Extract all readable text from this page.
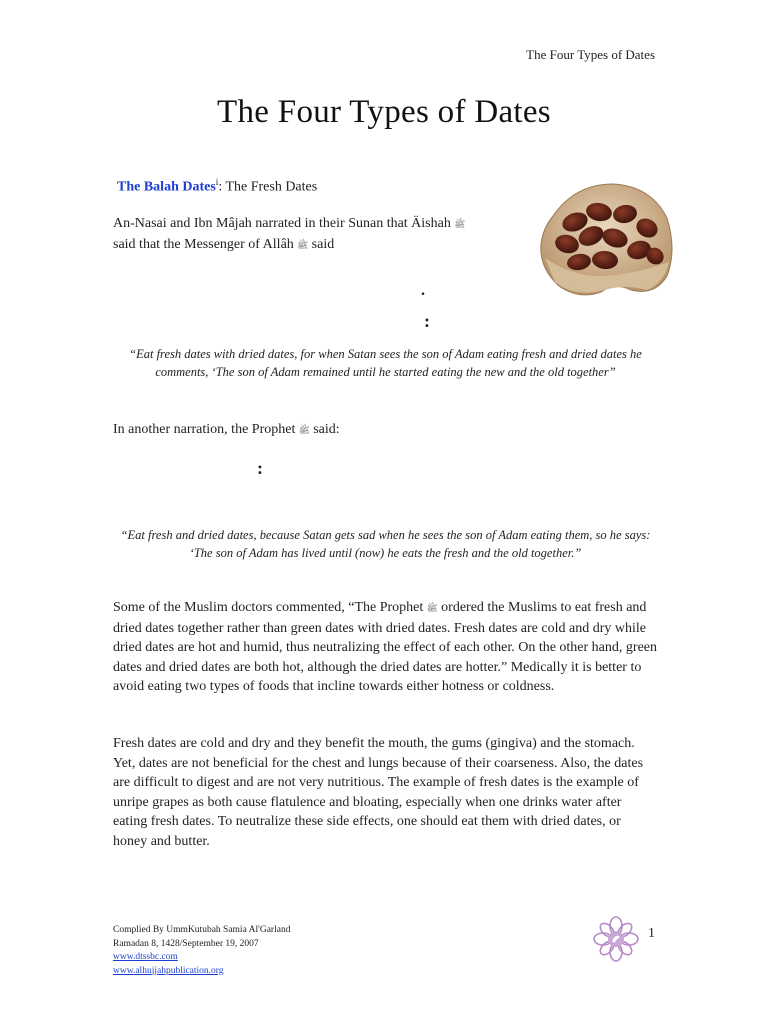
The Four Types of Dates
The Four Types of Dates
The Balah Dates$^i$: The Fresh Dates
An-Nasai and Ibn Mâjah narrated in their Sunan that Äishah ﷺ
said that the Messenger of Allâh ﷺ said
.
:
“Eat fresh dates with dried dates, for when Satan sees the son of Adam eating fresh and dried dates he comments, ‘The son of Adam remained until he started eating the new and the old together”
In another narration, the Prophet ﷺ said:
:
“Eat fresh and dried dates, because Satan gets sad when he sees the son of Adam eating them, so he says: ‘The son of Adam has lived until (now) he eats the fresh and the old together.”
Some of the Muslim doctors commented, “The Prophet ﷺ ordered the Muslims to eat fresh and dried dates together rather than green dates with dried dates. Fresh dates are cold and dry while dried dates are hot and humid, thus neutralizing the effect of each other. On the other hand, green dates and dried dates are both hot, although the dried dates are hotter.” Medically it is better to avoid eating two types of foods that incline towards either hotness or coldness.
Fresh dates are cold and dry and they benefit the mouth, the gums (gingiva) and the stomach. Yet, dates are not beneficial for the chest and lungs because of their coarseness. Also, the dates are difficult to digest and are not very nutritious. The example of fresh dates is the example of unripe grapes as both cause flatulence and bloating, especially when one drinks water after eating fresh dates. To neutralize these side effects, one should eat them with dried dates, or honey and butter.
Complied By UmmKutubah Samia Al'Garland
Ramadan 8, 1428/September 19, 2007
www.dtssbc.com
www.alhujjahpublication.org
1
